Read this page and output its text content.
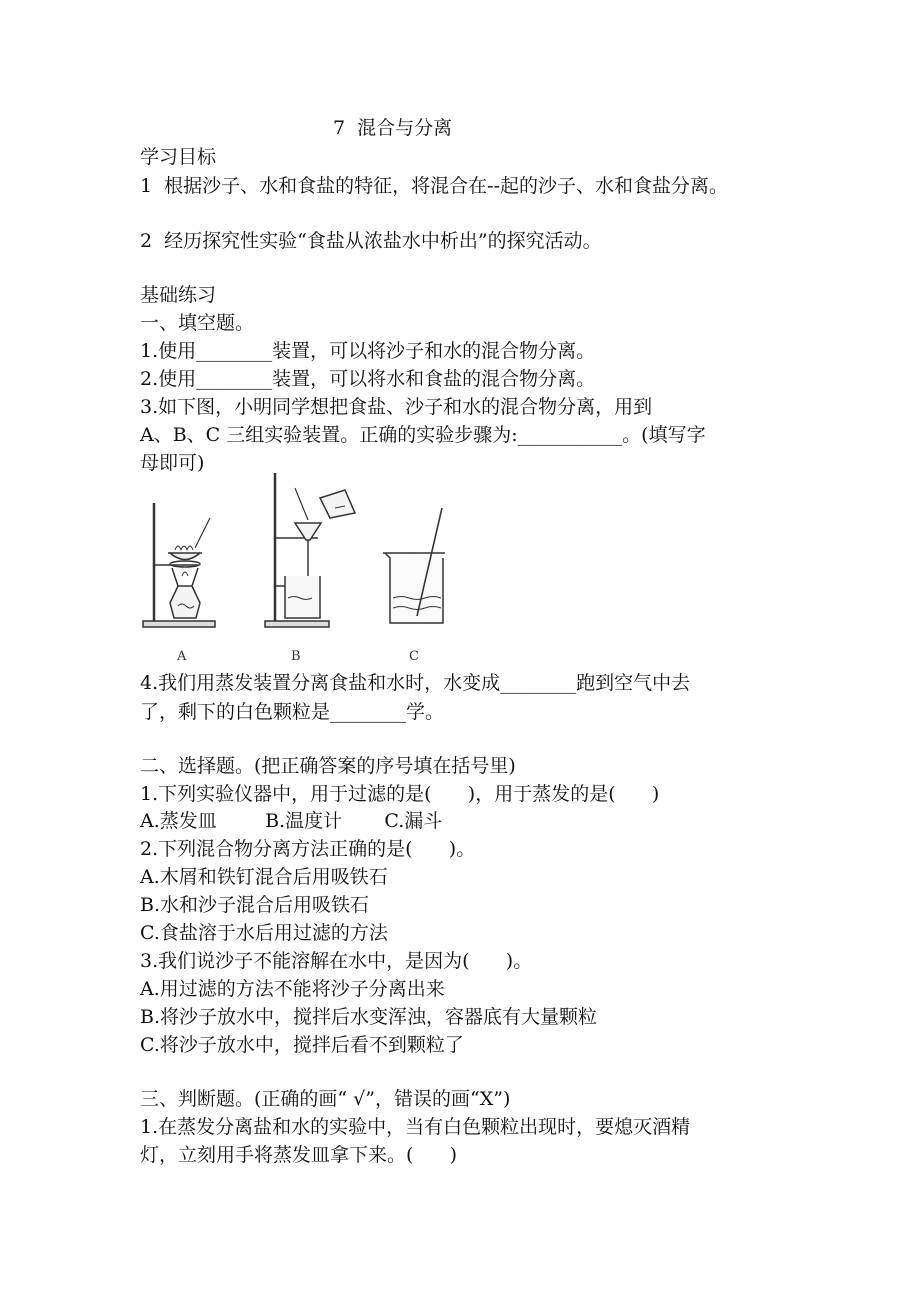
7  混合与分离
学习目标
1  根据沙子、水和食盐的特征，将混合在--起的沙子、水和食盐分离。
2  经历探究性实验“食盐从浓盐水中析出”的探究活动。
基础练习
一、填空题。
1.使用________装置，可以将沙子和水的混合物分离。
2.使用________装置，可以将水和食盐的混合物分离。
3.如下图，小明同学想把食盐、沙子和水的混合物分离，用到
A、B、C 三组实验装置。正确的实验步骤为:___________。(填写字
母即可)
A	B	C
4.我们用蒸发装置分离食盐和水时，水变成________跑到空气中去
了，剩下的白色颗粒是________学。
二、选择题。(把正确答案的序号填在括号里)
1.下列实验仪器中，用于过滤的是(      )，用于蒸发的是(      )
A.蒸发皿        B.温度计       C.漏斗
2.下列混合物分离方法正确的是(      )。
A.木屑和铁钉混合后用吸铁石
B.水和沙子混合后用吸铁石
C.食盐溶于水后用过滤的方法
3.我们说沙子不能溶解在水中，是因为(      )。
A.用过滤的方法不能将沙子分离出来
B.将沙子放水中，搅拌后水变浑浊，容器底有大量颗粒
C.将沙子放水中，搅拌后看不到颗粒了
三、判断题。(正确的画“ √”，错误的画“X”)
1.在蒸发分离盐和水的实验中，当有白色颗粒出现时，要熄灭酒精
灯，立刻用手将蒸发皿拿下来。(      )
